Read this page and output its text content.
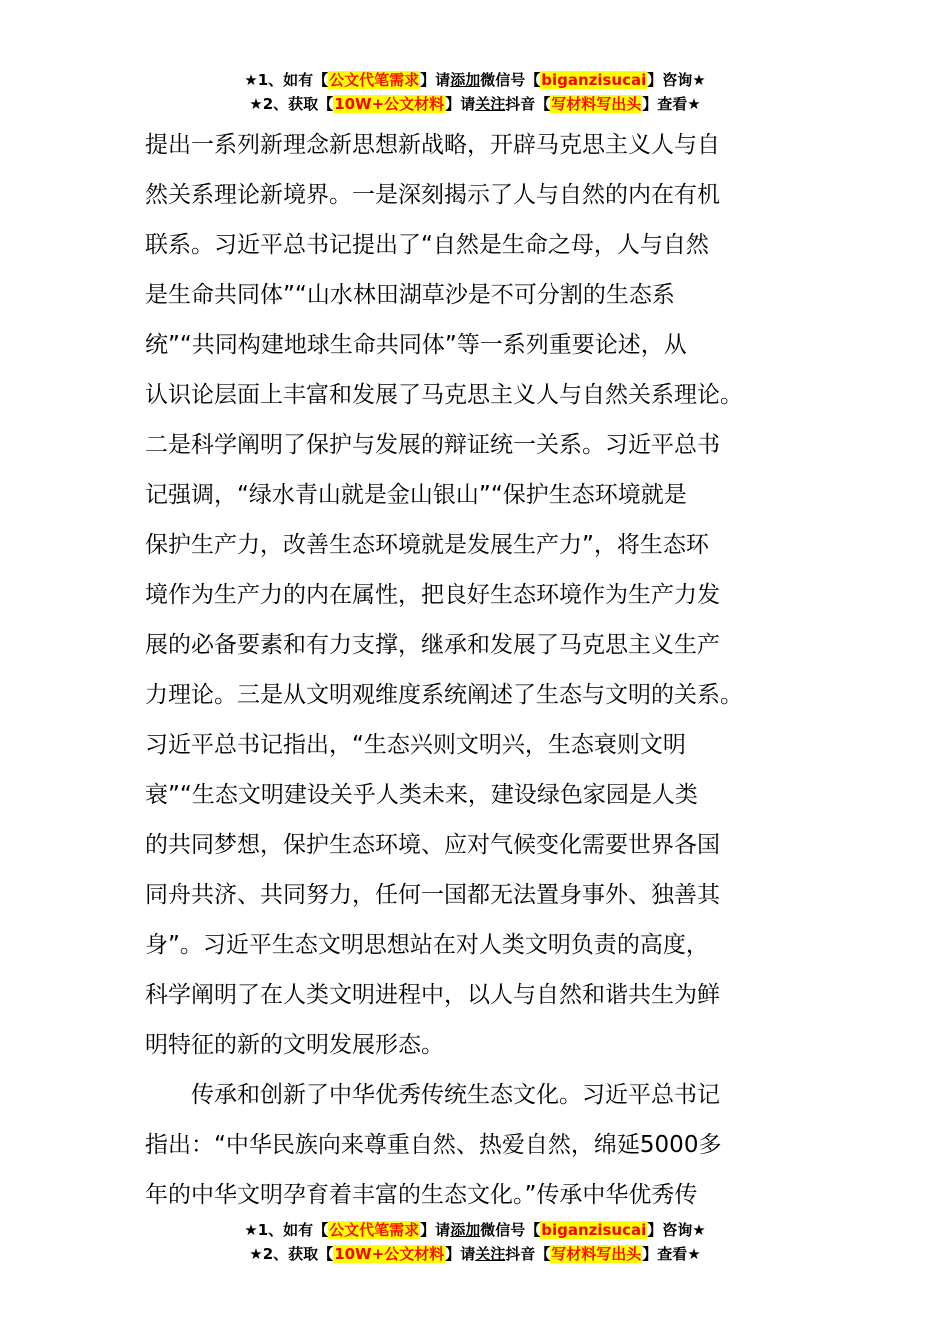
★1、如有【公文代笔需求】请添加微信号【biganzisucai】咨询★
★2、获取【10W+公文材料】请关注抖音【写材料写出头】查看★
提出一系列新理念新思想新战略，开辟马克思主义人与自
然关系理论新境界。一是深刻揭示了人与自然的内在有机
联系。习近平总书记提出了“自然是生命之母，人与自然
是生命共同体”“山水林田湖草沙是不可分割的生态系
统”“共同构建地球生命共同体”等一系列重要论述，从
认识论层面上丰富和发展了马克思主义人与自然关系理论。
二是科学阐明了保护与发展的辩证统一关系。习近平总书
记强调，“绿水青山就是金山银山”“保护生态环境就是
保护生产力，改善生态环境就是发展生产力”，将生态环
境作为生产力的内在属性，把良好生态环境作为生产力发
展的必备要素和有力支撑，继承和发展了马克思主义生产
力理论。三是从文明观维度系统阐述了生态与文明的关系。
习近平总书记指出，“生态兴则文明兴，生态衰则文明
衰”“生态文明建设关乎人类未来，建设绿色家园是人类
的共同梦想，保护生态环境、应对气候变化需要世界各国
同舟共济、共同努力，任何一国都无法置身事外、独善其
身”。习近平生态文明思想站在对人类文明负责的高度，
科学阐明了在人类文明进程中，以人与自然和谐共生为鲜
明特征的新的文明发展形态。
　　传承和创新了中华优秀传统生态文化。习近平总书记
指出：“中华民族向来尊重自然、热爱自然，绵延5000多
年的中华文明孕育着丰富的生态文化。”传承中华优秀传
★1、如有【公文代笔需求】请添加微信号【biganzisucai】咨询★
★2、获取【10W+公文材料】请关注抖音【写材料写出头】查看★
